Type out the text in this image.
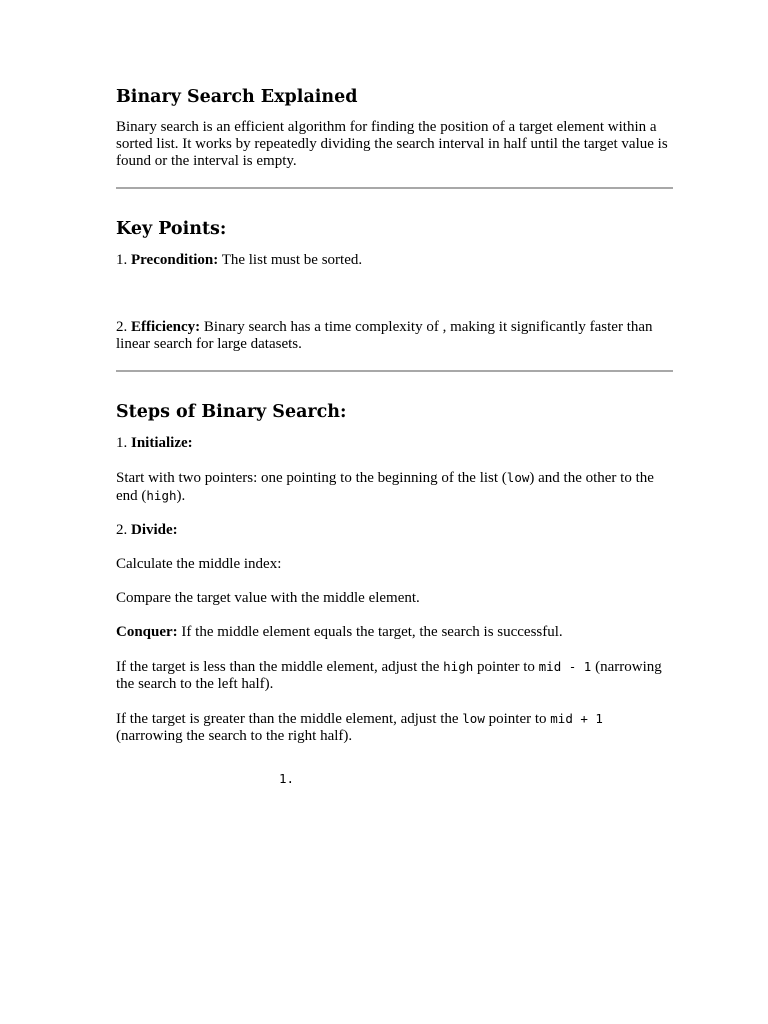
Binary Search Explained

Binary search is an efficient algorithm for finding the position of a target element within a sorted list. It works by repeatedly dividing the search interval in half until the target value is found or the interval is empty.

Key Points:

1. Precondition: The list must be sorted.

2. Efficiency: Binary search has a time complexity of , making it significantly faster than linear search for large datasets.

Steps of Binary Search:

1. Initialize:

Start with two pointers: one pointing to the beginning of the list (low) and the other to the end (high).

2. Divide:

Calculate the middle index:

Compare the target value with the middle element.

Conquer: If the middle element equals the target, the search is successful.

If the target is less than the middle element, adjust the high pointer to mid - 1 (narrowing the search to the left half).

If the target is greater than the middle element, adjust the low pointer to mid + 1 (narrowing the search to the right half).

1.
